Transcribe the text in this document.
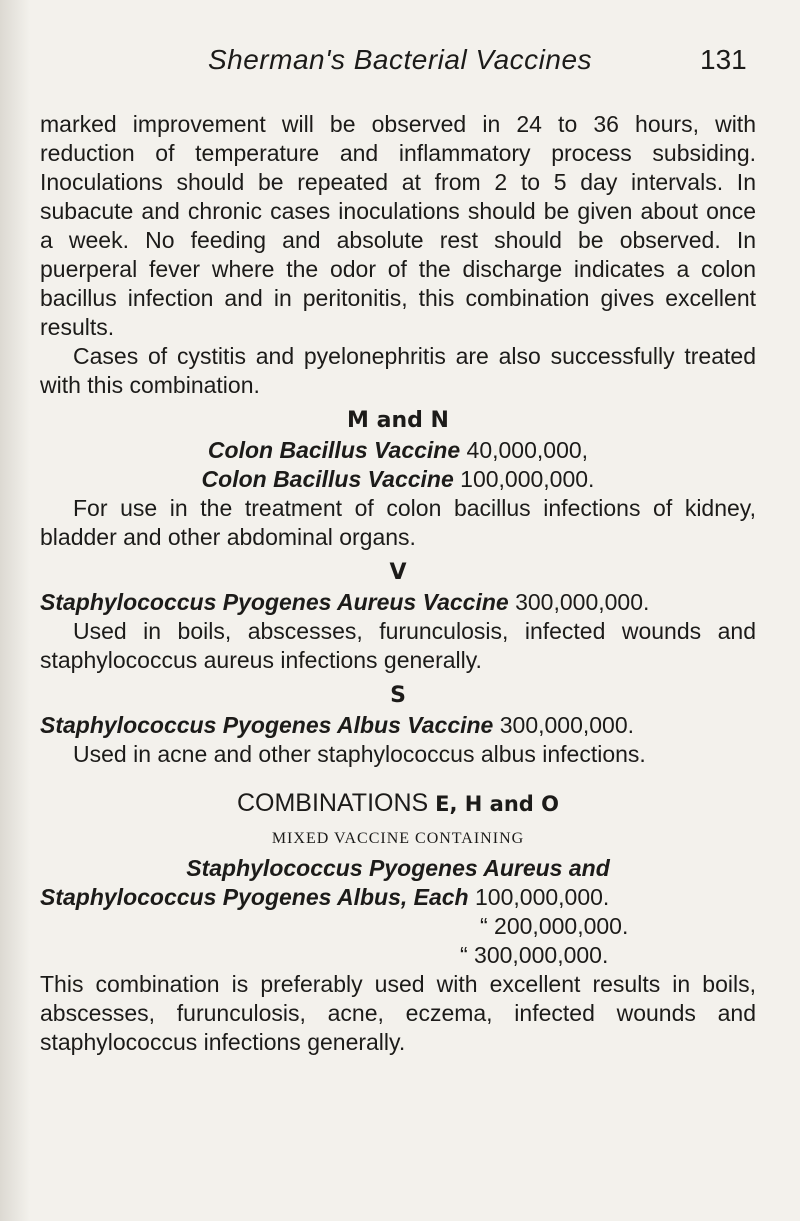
Sherman's Bacterial Vaccines	131

marked improvement will be observed in 24 to 36 hours, with reduction of temperature and inflammatory process subsiding. Inoculations should be repeated at from 2 to 5 day intervals. In subacute and chronic cases inoculations should be given about once a week. No feeding and absolute rest should be observed. In puerperal fever where the odor of the discharge indicates a colon bacillus infection and in peritonitis, this combination gives excellent results.

Cases of cystitis and pyelonephritis are also successfully treated with this combination.

M and N
Colon Bacillus Vaccine 40,000,000,
Colon Bacillus Vaccine 100,000,000.

For use in the treatment of colon bacillus infections of kidney, bladder and other abdominal organs.

V
Staphylococcus Pyogenes Aureus Vaccine 300,000,000.

Used in boils, abscesses, furunculosis, infected wounds and staphylococcus aureus infections generally.

S
Staphylococcus Pyogenes Albus Vaccine 300,000,000.

Used in acne and other staphylococcus albus infections.

COMBINATIONS E, H and O
MIXED VACCINE CONTAINING
Staphylococcus Pyogenes Aureus and
Staphylococcus Pyogenes Albus, Each 100,000,000.
“ 200,000,000.
“ 300,000,000.

This combination is preferably used with excellent results in boils, abscesses, furunculosis, acne, eczema, infected wounds and staphylococcus infections generally.
